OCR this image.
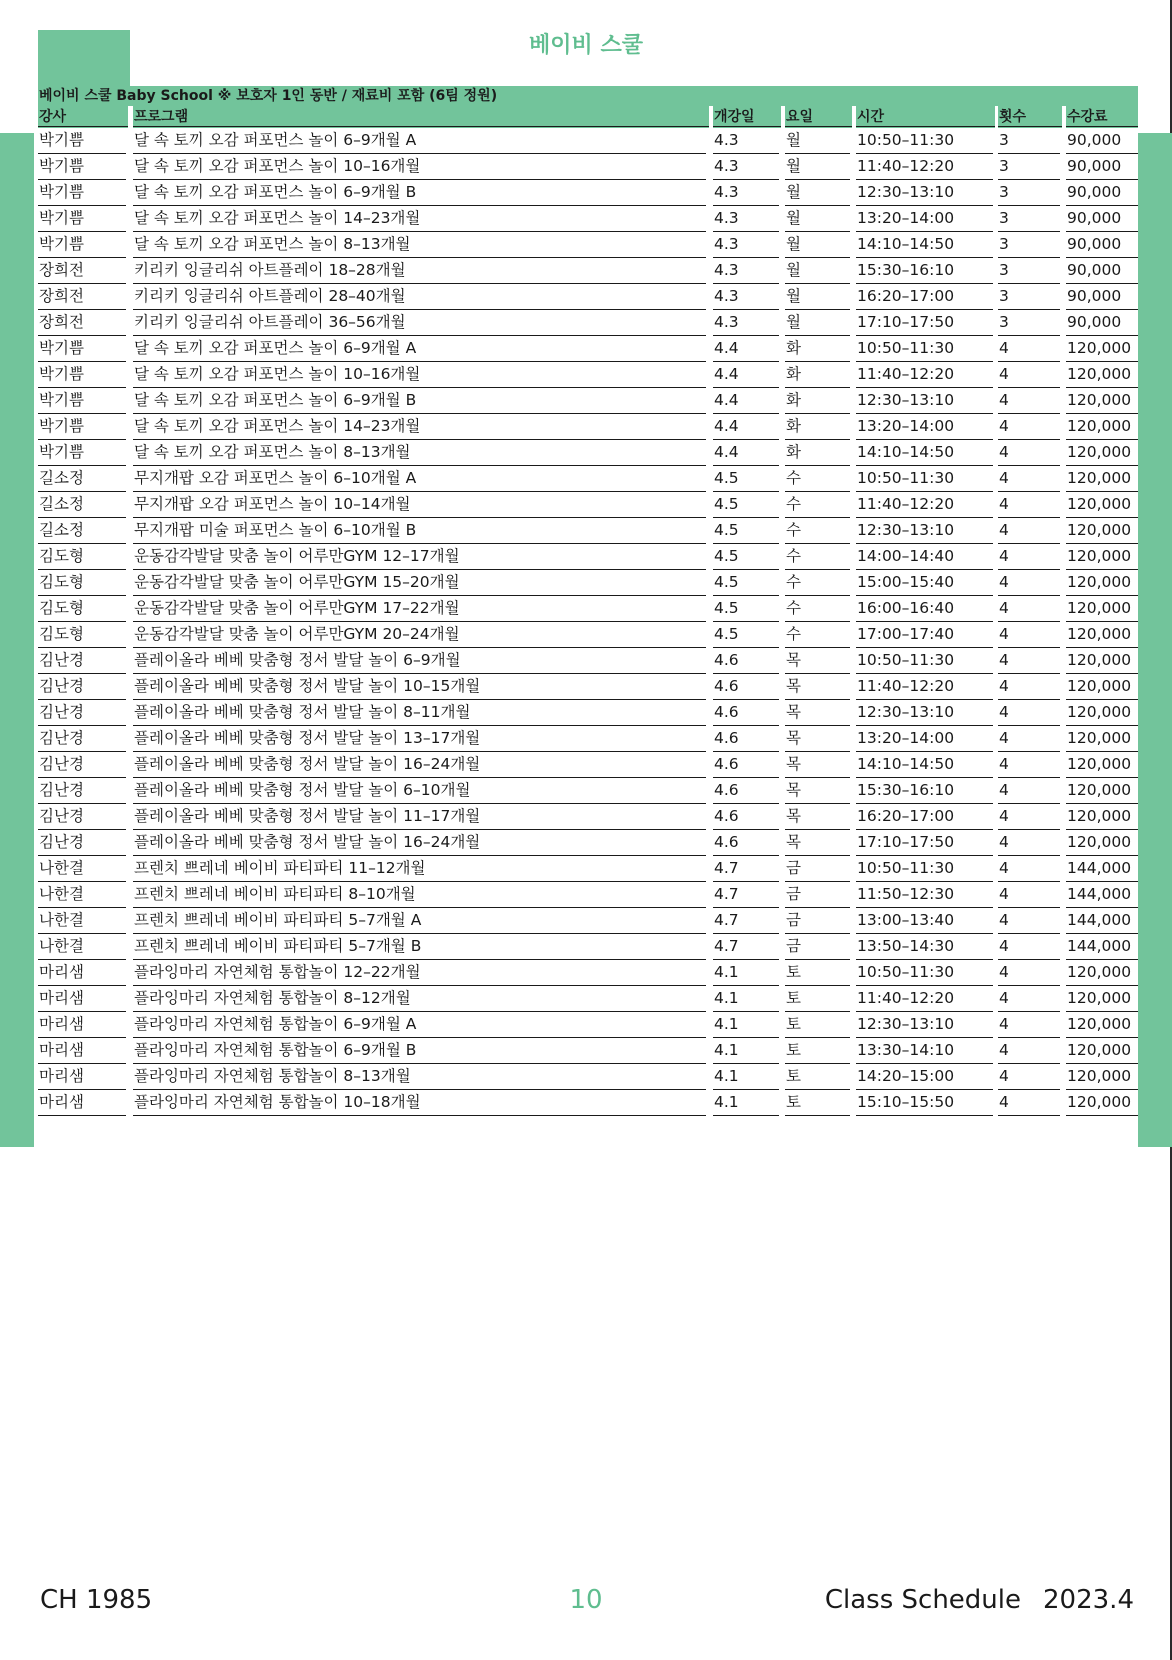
베이비 스쿨
베이비 스쿨 Baby School ※ 보호자 1인 동반 / 재료비 포함 (6팀 정원)
강사	프로그램	개강일	요일	시간	횟수	수강료
박기쁨	달 속 토끼 오감 퍼포먼스 놀이 6–9개월 A	4.3	월	10:50–11:30	3	90,000
박기쁨	달 속 토끼 오감 퍼포먼스 놀이 10–16개월	4.3	월	11:40–12:20	3	90,000
박기쁨	달 속 토끼 오감 퍼포먼스 놀이 6–9개월 B	4.3	월	12:30–13:10	3	90,000
박기쁨	달 속 토끼 오감 퍼포먼스 놀이 14–23개월	4.3	월	13:20–14:00	3	90,000
박기쁨	달 속 토끼 오감 퍼포먼스 놀이 8–13개월	4.3	월	14:10–14:50	3	90,000
장희전	키리키 잉글리쉬 아트플레이 18–28개월	4.3	월	15:30–16:10	3	90,000
장희전	키리키 잉글리쉬 아트플레이 28–40개월	4.3	월	16:20–17:00	3	90,000
장희전	키리키 잉글리쉬 아트플레이 36–56개월	4.3	월	17:10–17:50	3	90,000
박기쁨	달 속 토끼 오감 퍼포먼스 놀이 6–9개월 A	4.4	화	10:50–11:30	4	120,000
박기쁨	달 속 토끼 오감 퍼포먼스 놀이 10–16개월	4.4	화	11:40–12:20	4	120,000
박기쁨	달 속 토끼 오감 퍼포먼스 놀이 6–9개월 B	4.4	화	12:30–13:10	4	120,000
박기쁨	달 속 토끼 오감 퍼포먼스 놀이 14–23개월	4.4	화	13:20–14:00	4	120,000
박기쁨	달 속 토끼 오감 퍼포먼스 놀이 8–13개월	4.4	화	14:10–14:50	4	120,000
길소정	무지개팝 오감 퍼포먼스 놀이 6–10개월 A	4.5	수	10:50–11:30	4	120,000
길소정	무지개팝 오감 퍼포먼스 놀이 10–14개월	4.5	수	11:40–12:20	4	120,000
길소정	무지개팝 미술 퍼포먼스 놀이 6–10개월 B	4.5	수	12:30–13:10	4	120,000
김도형	운동감각발달 맞춤 놀이 어루만GYM 12–17개월	4.5	수	14:00–14:40	4	120,000
김도형	운동감각발달 맞춤 놀이 어루만GYM 15–20개월	4.5	수	15:00–15:40	4	120,000
김도형	운동감각발달 맞춤 놀이 어루만GYM 17–22개월	4.5	수	16:00–16:40	4	120,000
김도형	운동감각발달 맞춤 놀이 어루만GYM 20–24개월	4.5	수	17:00–17:40	4	120,000
김난경	플레이올라 베베 맞춤형 정서 발달 놀이 6–9개월	4.6	목	10:50–11:30	4	120,000
김난경	플레이올라 베베 맞춤형 정서 발달 놀이 10–15개월	4.6	목	11:40–12:20	4	120,000
김난경	플레이올라 베베 맞춤형 정서 발달 놀이 8–11개월	4.6	목	12:30–13:10	4	120,000
김난경	플레이올라 베베 맞춤형 정서 발달 놀이 13–17개월	4.6	목	13:20–14:00	4	120,000
김난경	플레이올라 베베 맞춤형 정서 발달 놀이 16–24개월	4.6	목	14:10–14:50	4	120,000
김난경	플레이올라 베베 맞춤형 정서 발달 놀이 6–10개월	4.6	목	15:30–16:10	4	120,000
김난경	플레이올라 베베 맞춤형 정서 발달 놀이 11–17개월	4.6	목	16:20–17:00	4	120,000
김난경	플레이올라 베베 맞춤형 정서 발달 놀이 16–24개월	4.6	목	17:10–17:50	4	120,000
나한결	프렌치 쁘레네 베이비 파티파티 11–12개월	4.7	금	10:50–11:30	4	144,000
나한결	프렌치 쁘레네 베이비 파티파티 8–10개월	4.7	금	11:50–12:30	4	144,000
나한결	프렌치 쁘레네 베이비 파티파티 5–7개월 A	4.7	금	13:00–13:40	4	144,000
나한결	프렌치 쁘레네 베이비 파티파티 5–7개월 B	4.7	금	13:50–14:30	4	144,000
마리샘	플라잉마리 자연체험 통합놀이 12–22개월	4.1	토	10:50–11:30	4	120,000
마리샘	플라잉마리 자연체험 통합놀이 8–12개월	4.1	토	11:40–12:20	4	120,000
마리샘	플라잉마리 자연체험 통합놀이 6–9개월 A	4.1	토	12:30–13:10	4	120,000
마리샘	플라잉마리 자연체험 통합놀이 6–9개월 B	4.1	토	13:30–14:10	4	120,000
마리샘	플라잉마리 자연체험 통합놀이 8–13개월	4.1	토	14:20–15:00	4	120,000
마리샘	플라잉마리 자연체험 통합놀이 10–18개월	4.1	토	15:10–15:50	4	120,000
CH 1985	10	Class Schedule 2023.4
